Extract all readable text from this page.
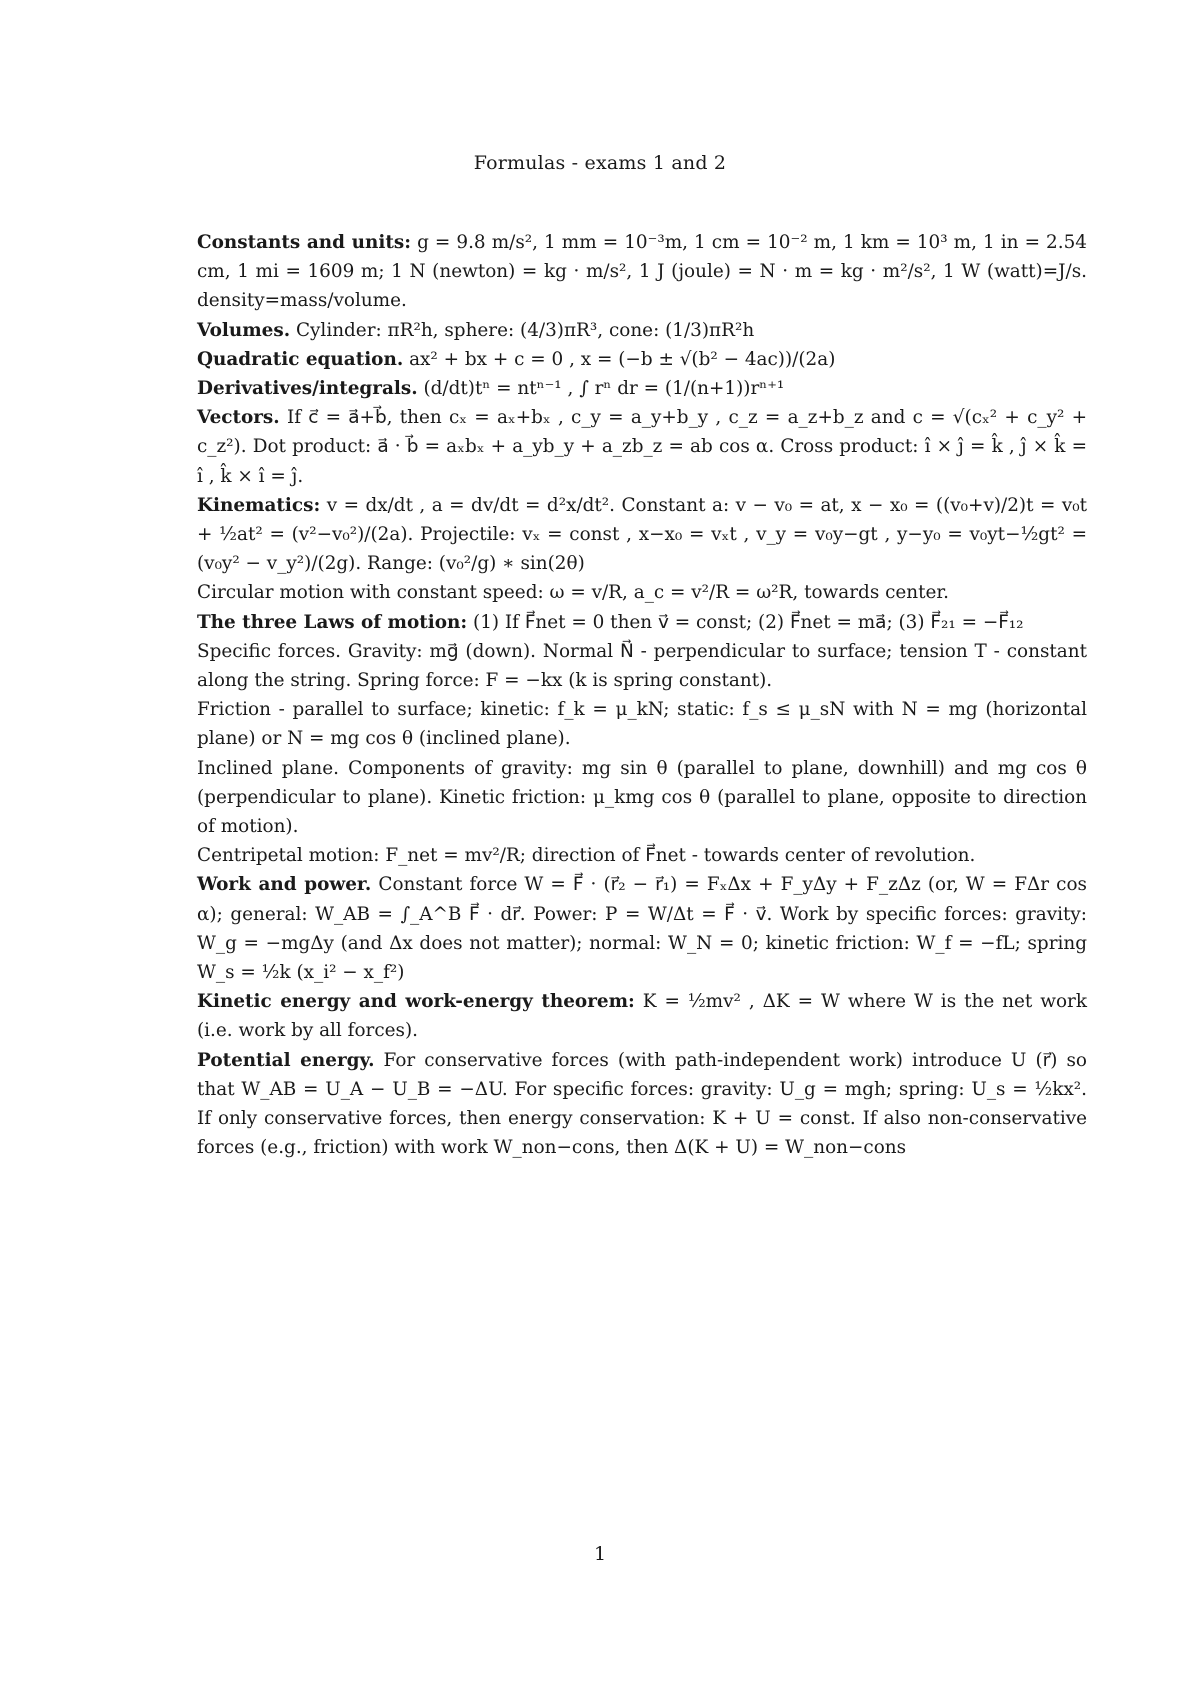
Formulas - exams 1 and 2

Constants and units: g = 9.8 m/s², 1 mm = 10⁻³m, 1 cm = 10⁻² m, 1 km = 10³ m, 1 in = 2.54 cm, 1 mi = 1609 m; 1 N (newton) = kg · m/s², 1 J (joule) = N · m = kg · m²/s², 1 W (watt)=J/s. density=mass/volume.

Volumes. Cylinder: πR²h, sphere: (4/3)πR³, cone: (1/3)πR²h

Quadratic equation. ax² + bx + c = 0 , x = (−b ± √(b² − 4ac))/(2a)

Derivatives/integrals. (d/dt)tⁿ = ntⁿ⁻¹ , ∫ rⁿ dr = (1/(n+1))rⁿ⁺¹

Vectors. If c⃗ = a⃗+b⃗, then cₓ = aₓ+bₓ , c_y = a_y+b_y , c_z = a_z+b_z and c = √(cₓ² + c_y² + c_z²). Dot product: a⃗ · b⃗ = aₓbₓ + a_yb_y + a_zb_z = ab cos α. Cross product: î × ĵ = k̂ , ĵ × k̂ = î , k̂ × î = ĵ.

Kinematics: v = dx/dt , a = dv/dt = d²x/dt². Constant a: v − v₀ = at, x − x₀ = ((v₀+v)/2)t = v₀t + ½at² = (v²−v₀²)/(2a). Projectile: vₓ = const , x−x₀ = vₓt , v_y = v₀y−gt , y−y₀ = v₀yt−½gt² = (v₀y² − v_y²)/(2g). Range: (v₀²/g) ∗ sin(2θ)

Circular motion with constant speed: ω = v/R, a_c = v²/R = ω²R, towards center.

The three Laws of motion: (1) If F⃗net = 0 then v⃗ = const; (2) F⃗net = ma⃗; (3) F⃗₂₁ = −F⃗₁₂

Specific forces. Gravity: mg⃗ (down). Normal N⃗ - perpendicular to surface; tension T - constant along the string. Spring force: F = −kx (k is spring constant).

Friction - parallel to surface; kinetic: f_k = μ_kN; static: f_s ≤ μ_sN with N = mg (horizontal plane) or N = mg cos θ (inclined plane).

Inclined plane. Components of gravity: mg sin θ (parallel to plane, downhill) and mg cos θ (perpendicular to plane). Kinetic friction: μ_kmg cos θ (parallel to plane, opposite to direction of motion).

Centripetal motion: F_net = mv²/R; direction of F⃗net - towards center of revolution.

Work and power. Constant force W = F⃗ · (r⃗₂ − r⃗₁) = FₓΔx + F_yΔy + F_zΔz (or, W = FΔr cos α); general: W_AB = ∫_A^B F⃗ · dr⃗. Power: P = W/Δt = F⃗ · v⃗. Work by specific forces: gravity: W_g = −mgΔy (and Δx does not matter); normal: W_N = 0; kinetic friction: W_f = −fL; spring W_s = ½k (x_i² − x_f²)

Kinetic energy and work-energy theorem: K = ½mv² , ΔK = W where W is the net work (i.e. work by all forces).

Potential energy. For conservative forces (with path-independent work) introduce U (r⃗) so that W_AB = U_A − U_B = −ΔU. For specific forces: gravity: U_g = mgh; spring: U_s = ½kx². If only conservative forces, then energy conservation: K + U = const. If also non-conservative forces (e.g., friction) with work W_non−cons, then Δ(K + U) = W_non−cons

1
